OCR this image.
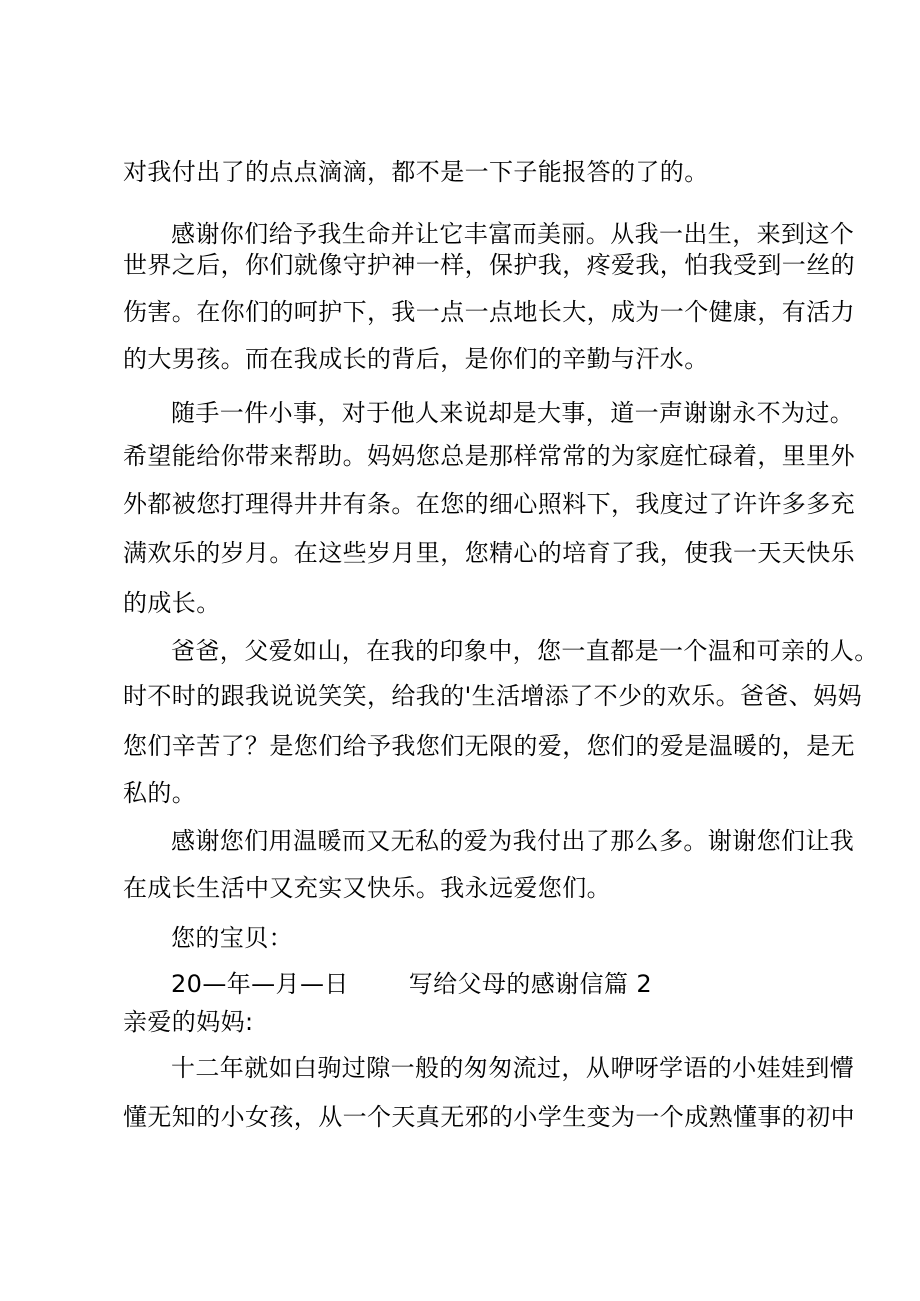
对我付出了的点点滴滴，都不是一下子能报答的了的。
感谢你们给予我生命并让它丰富而美丽。从我一出生，来到这个
世界之后，你们就像守护神一样，保护我，疼爱我，怕我受到一丝的
伤害。在你们的呵护下，我一点一点地长大，成为一个健康，有活力
的大男孩。而在我成长的背后，是你们的辛勤与汗水。
随手一件小事，对于他人来说却是大事，道一声谢谢永不为过。
希望能给你带来帮助。妈妈您总是那样常常的为家庭忙碌着，里里外
外都被您打理得井井有条。在您的细心照料下，我度过了许许多多充
满欢乐的岁月。在这些岁月里，您精心的培育了我，使我一天天快乐
的成长。
爸爸，父爱如山，在我的印象中，您一直都是一个温和可亲的人。
时不时的跟我说说笑笑，给我的'生活增添了不少的欢乐。爸爸、妈妈
您们辛苦了？是您们给予我您们无限的爱，您们的爱是温暖的，是无
私的。
感谢您们用温暖而又无私的爱为我付出了那么多。谢谢您们让我
在成长生活中又充实又快乐。我永远爱您们。
您的宝贝：
20—年—月—日	写给父母的感谢信篇 2
亲爱的妈妈:
十二年就如白驹过隙一般的匆匆流过，从咿呀学语的小娃娃到懵
懂无知的小女孩，从一个天真无邪的小学生变为一个成熟懂事的初中
